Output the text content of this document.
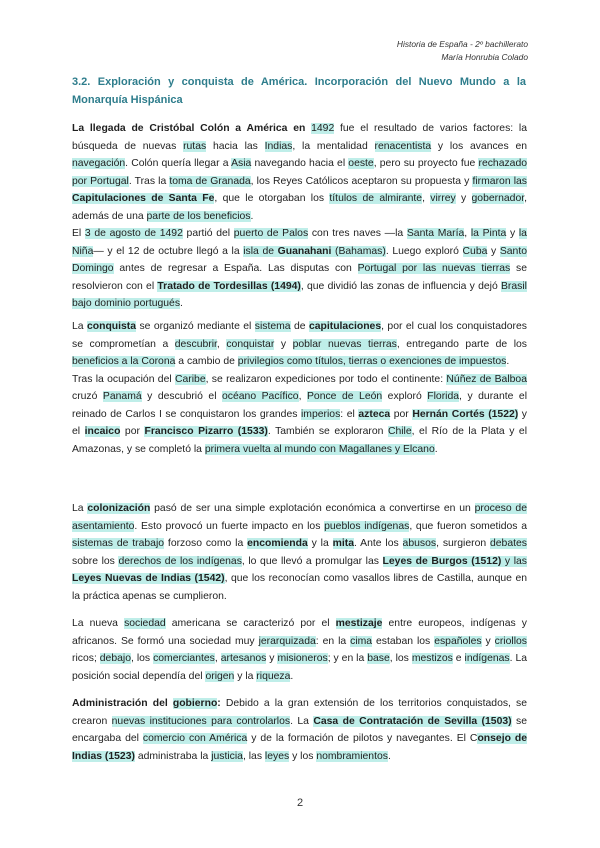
Historia de España - 2º bachillerato
María Honrubia Colado
3.2. Exploración y conquista de América. Incorporación del Nuevo Mundo a la Monarquía Hispánica
La llegada de Cristóbal Colón a América en 1492 fue el resultado de varios factores: la búsqueda de nuevas rutas hacia las Indias, la mentalidad renacentista y los avances en navegación. Colón quería llegar a Asia navegando hacia el oeste, pero su proyecto fue rechazado por Portugal. Tras la toma de Granada, los Reyes Católicos aceptaron su propuesta y firmaron las Capitulaciones de Santa Fe, que le otorgaban los títulos de almirante, virrey y gobernador, además de una parte de los beneficios.
El 3 de agosto de 1492 partió del puerto de Palos con tres naves —la Santa María, la Pinta y la Niña— y el 12 de octubre llegó a la isla de Guanahani (Bahamas). Luego exploró Cuba y Santo Domingo antes de regresar a España. Las disputas con Portugal por las nuevas tierras se resolvieron con el Tratado de Tordesillas (1494), que dividió las zonas de influencia y dejó Brasil bajo dominio portugués.
La conquista se organizó mediante el sistema de capitulaciones, por el cual los conquistadores se comprometían a descubrir, conquistar y poblar nuevas tierras, entregando parte de los beneficios a la Corona a cambio de privilegios como títulos, tierras o exenciones de impuestos.
Tras la ocupación del Caribe, se realizaron expediciones por todo el continente: Núñez de Balboa cruzó Panamá y descubrió el océano Pacífico, Ponce de León exploró Florida, y durante el reinado de Carlos I se conquistaron los grandes imperios: el azteca por Hernán Cortés (1522) y el incaico por Francisco Pizarro (1533). También se exploraron Chile, el Río de la Plata y el Amazonas, y se completó la primera vuelta al mundo con Magallanes y Elcano.
La colonización pasó de ser una simple explotación económica a convertirse en un proceso de asentamiento. Esto provocó un fuerte impacto en los pueblos indígenas, que fueron sometidos a sistemas de trabajo forzoso como la encomienda y la mita. Ante los abusos, surgieron debates sobre los derechos de los indígenas, lo que llevó a promulgar las Leyes de Burgos (1512) y las Leyes Nuevas de Indias (1542), que los reconocían como vasallos libres de Castilla, aunque en la práctica apenas se cumplieron.
La nueva sociedad americana se caracterizó por el mestizaje entre europeos, indígenas y africanos. Se formó una sociedad muy jerarquizada: en la cima estaban los españoles y criollos ricos; debajo, los comerciantes, artesanos y misioneros; y en la base, los mestizos e indígenas. La posición social dependía del origen y la riqueza.
Administración del gobierno: Debido a la gran extensión de los territorios conquistados, se crearon nuevas instituciones para controlarlos. La Casa de Contratación de Sevilla (1503) se encargaba del comercio con América y de la formación de pilotos y navegantes. El Consejo de Indias (1523) administraba la justicia, las leyes y los nombramientos.
2
